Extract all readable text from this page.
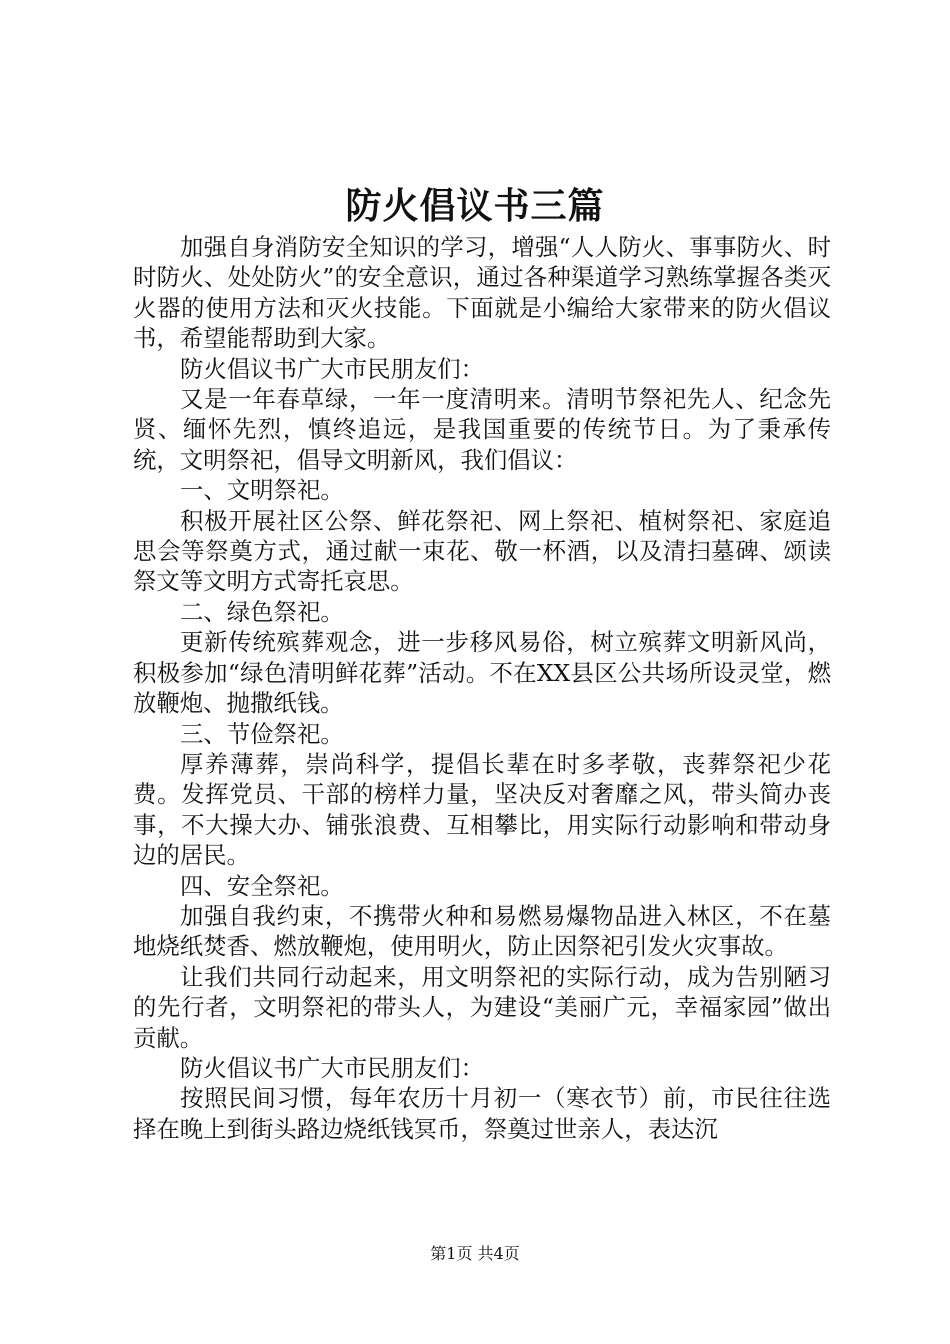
防火倡议书三篇

加强自身消防安全知识的学习，增强“人人防火、事事防火、时时防火、处处防火”的安全意识，通过各种渠道学习熟练掌握各类灭火器的使用方法和灭火技能。下面就是小编给大家带来的防火倡议书，希望能帮助到大家。

防火倡议书广大市民朋友们：

又是一年春草绿，一年一度清明来。清明节祭祀先人、纪念先贤、缅怀先烈，慎终追远，是我国重要的传统节日。为了秉承传统，文明祭祀，倡导文明新风，我们倡议：

一、文明祭祀。

积极开展社区公祭、鲜花祭祀、网上祭祀、植树祭祀、家庭追思会等祭奠方式，通过献一束花、敬一杯酒，以及清扫墓碑、颂读祭文等文明方式寄托哀思。

二、绿色祭祀。

更新传统殡葬观念，进一步移风易俗，树立殡葬文明新风尚，积极参加“绿色清明鲜花葬”活动。不在XX县区公共场所设灵堂，燃放鞭炮、抛撒纸钱。

三、节俭祭祀。

厚养薄葬，崇尚科学，提倡长辈在时多孝敬，丧葬祭祀少花费。发挥党员、干部的榜样力量，坚决反对奢靡之风，带头简办丧事，不大操大办、铺张浪费、互相攀比，用实际行动影响和带动身边的居民。

四、安全祭祀。

加强自我约束，不携带火种和易燃易爆物品进入林区，不在墓地烧纸焚香、燃放鞭炮，使用明火，防止因祭祀引发火灾事故。

让我们共同行动起来，用文明祭祀的实际行动，成为告别陋习的先行者，文明祭祀的带头人，为建设“美丽广元，幸福家园”做出贡献。

防火倡议书广大市民朋友们：

按照民间习惯，每年农历十月初一（寒衣节）前，市民往往选择在晚上到街头路边烧纸钱冥币，祭奠过世亲人，表达沉

第1页 共4页
